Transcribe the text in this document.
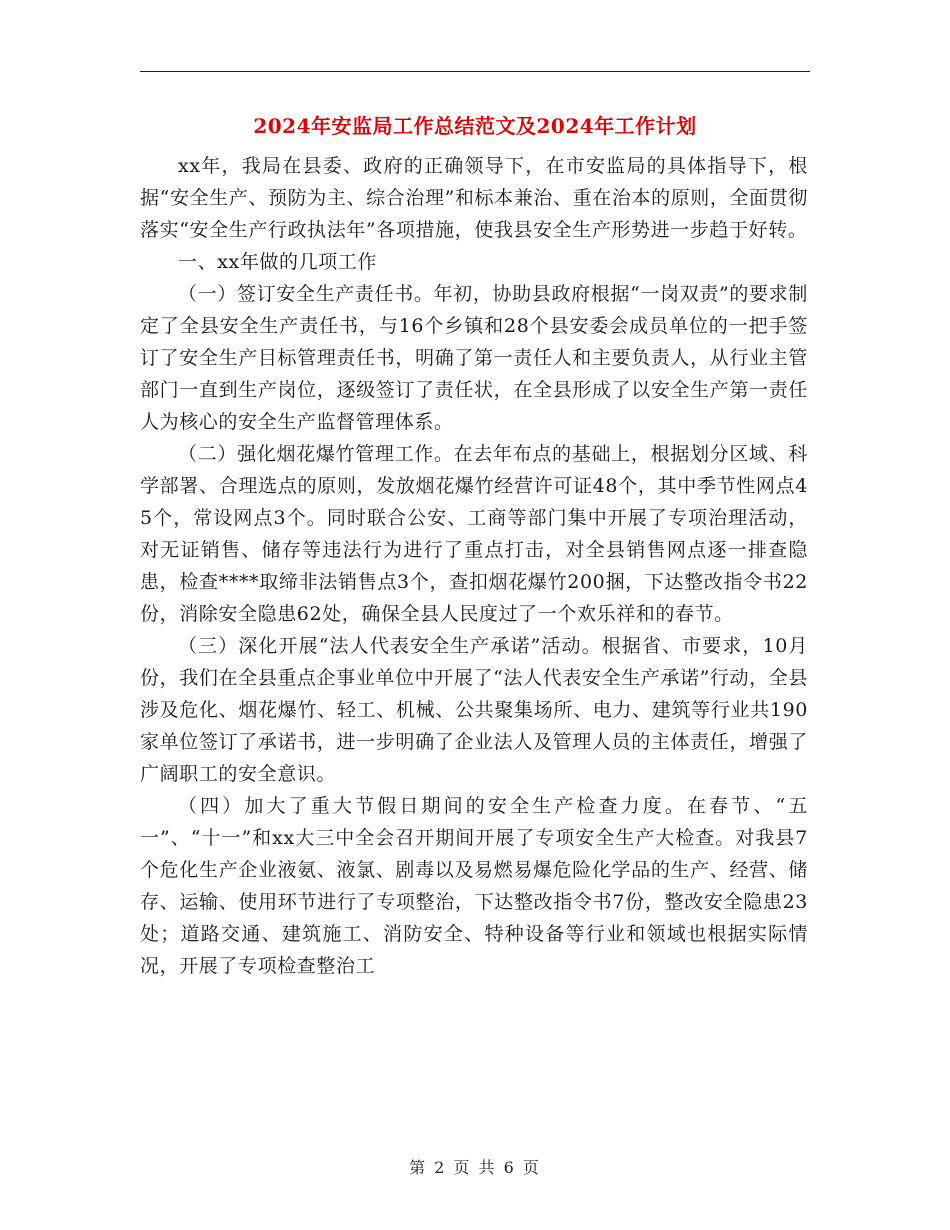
2024年安监局工作总结范文及2024年工作计划

xx年，我局在县委、政府的正确领导下，在市安监局的具体指导下，根据“安全生产、预防为主、综合治理”和标本兼治、重在治本的原则，全面贯彻落实“安全生产行政执法年”各项措施，使我县安全生产形势进一步趋于好转。

一、xx年做的几项工作

（一）签订安全生产责任书。年初，协助县政府根据“一岗双责”的要求制定了全县安全生产责任书，与16个乡镇和28个县安委会成员单位的一把手签订了安全生产目标管理责任书，明确了第一责任人和主要负责人，从行业主管部门一直到生产岗位，逐级签订了责任状，在全县形成了以安全生产第一责任人为核心的安全生产监督管理体系。

（二）强化烟花爆竹管理工作。在去年布点的基础上，根据划分区域、科学部署、合理选点的原则，发放烟花爆竹经营许可证48个，其中季节性网点45个，常设网点3个。同时联合公安、工商等部门集中开展了专项治理活动，对无证销售、储存等违法行为进行了重点打击，对全县销售网点逐一排查隐患，检查****取缔非法销售点3个，查扣烟花爆竹200捆，下达整改指令书22份，消除安全隐患62处，确保全县人民度过了一个欢乐祥和的春节。

（三）深化开展“法人代表安全生产承诺”活动。根据省、市要求，10月份，我们在全县重点企事业单位中开展了“法人代表安全生产承诺”行动，全县涉及危化、烟花爆竹、轻工、机械、公共聚集场所、电力、建筑等行业共190家单位签订了承诺书，进一步明确了企业法人及管理人员的主体责任，增强了广阔职工的安全意识。

（四）加大了重大节假日期间的安全生产检查力度。在春节、“五一”、“十一”和xx大三中全会召开期间开展了专项安全生产大检查。对我县7个危化生产企业液氨、液氯、剧毒以及易燃易爆危险化学品的生产、经营、储存、运输、使用环节进行了专项整治，下达整改指令书7份，整改安全隐患23处；道路交通、建筑施工、消防安全、特种设备等行业和领域也根据实际情况，开展了专项检查整治工

第 2 页 共 6 页
